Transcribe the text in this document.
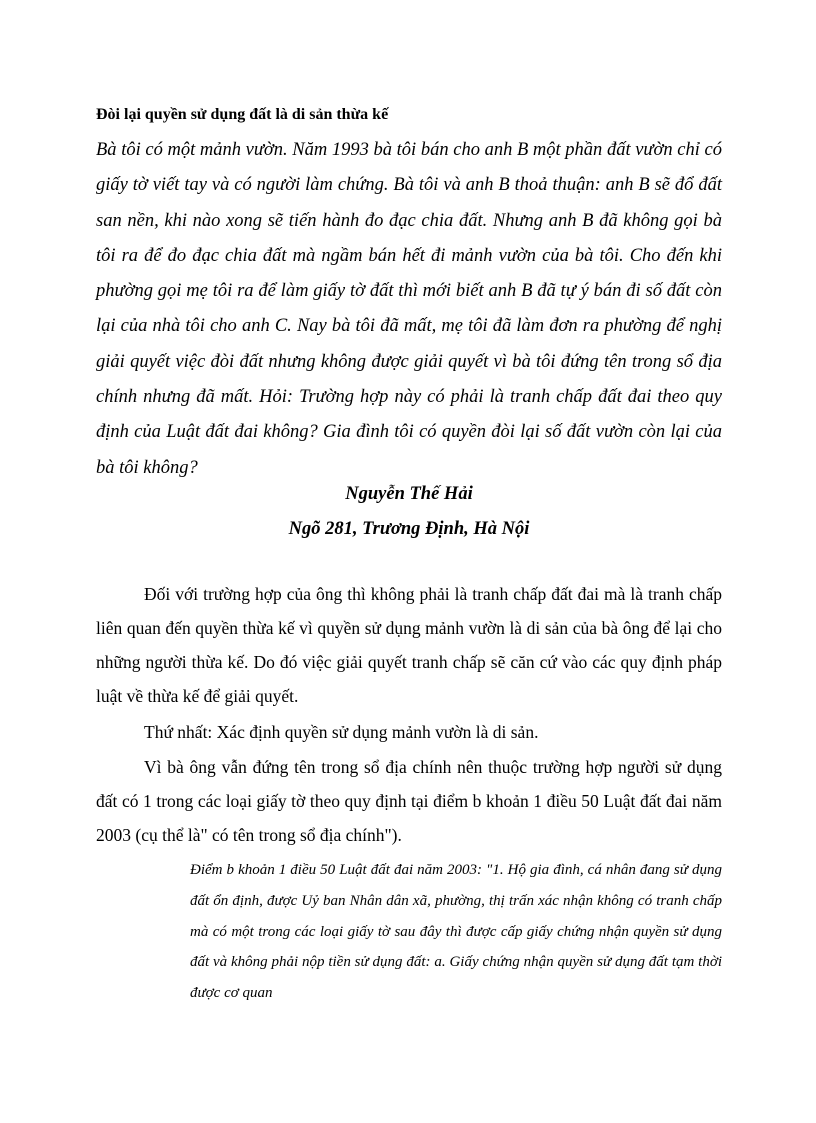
Đòi lại quyền sử dụng đất là di sản thừa kế

Bà tôi có một mảnh vườn. Năm 1993 bà tôi bán cho anh B một phần đất vườn chỉ có giấy tờ viết tay và có người làm chứng. Bà tôi và anh B thoả thuận: anh B sẽ đổ đất san nền, khi nào xong sẽ tiến hành đo đạc chia đất. Nhưng anh B đã không gọi bà tôi ra để đo đạc chia đất mà ngầm bán hết đi mảnh vườn của bà tôi. Cho đến khi phường gọi mẹ tôi ra để làm giấy tờ đất thì mới biết anh B đã tự ý bán đi số đất còn lại của nhà tôi cho anh C. Nay bà tôi đã mất, mẹ tôi đã làm đơn ra phường để nghị giải quyết việc đòi đất nhưng không được giải quyết vì bà tôi đứng tên trong sổ địa chính nhưng đã mất. Hỏi: Trường hợp này có phải là tranh chấp đất đai theo quy định của Luật đất đai không? Gia đình tôi có quyền đòi lại số đất vườn còn lại của bà tôi không?

Nguyễn Thế Hải

Ngõ 281, Trương Định, Hà Nội

Đối với trường hợp của ông thì không phải là tranh chấp đất đai mà là tranh chấp liên quan đến quyền thừa kế vì quyền sử dụng mảnh vườn là di sản của bà ông để lại cho những người thừa kế. Do đó việc giải quyết tranh chấp sẽ căn cứ vào các quy định pháp luật về thừa kế để giải quyết.

Thứ nhất: Xác định quyền sử dụng mảnh vườn là di sản.

Vì bà ông vẫn đứng tên trong sổ địa chính nên thuộc trường hợp người sử dụng đất có 1 trong các loại giấy tờ theo quy định tại điểm b khoản 1 điều 50 Luật đất đai năm 2003 (cụ thể là" có tên trong sổ địa chính").

Điểm b khoản 1 điều 50 Luật đất đai năm 2003: "1. Hộ gia đình, cá nhân đang sử dụng đất ổn định, được Uỷ ban Nhân dân xã, phường, thị trấn xác nhận không có tranh chấp mà có một trong các loại giấy tờ sau đây thì được cấp giấy chứng nhận quyền sử dụng đất và không phải nộp tiền sử dụng đất: a. Giấy chứng nhận quyền sử dụng đất tạm thời được cơ quan
